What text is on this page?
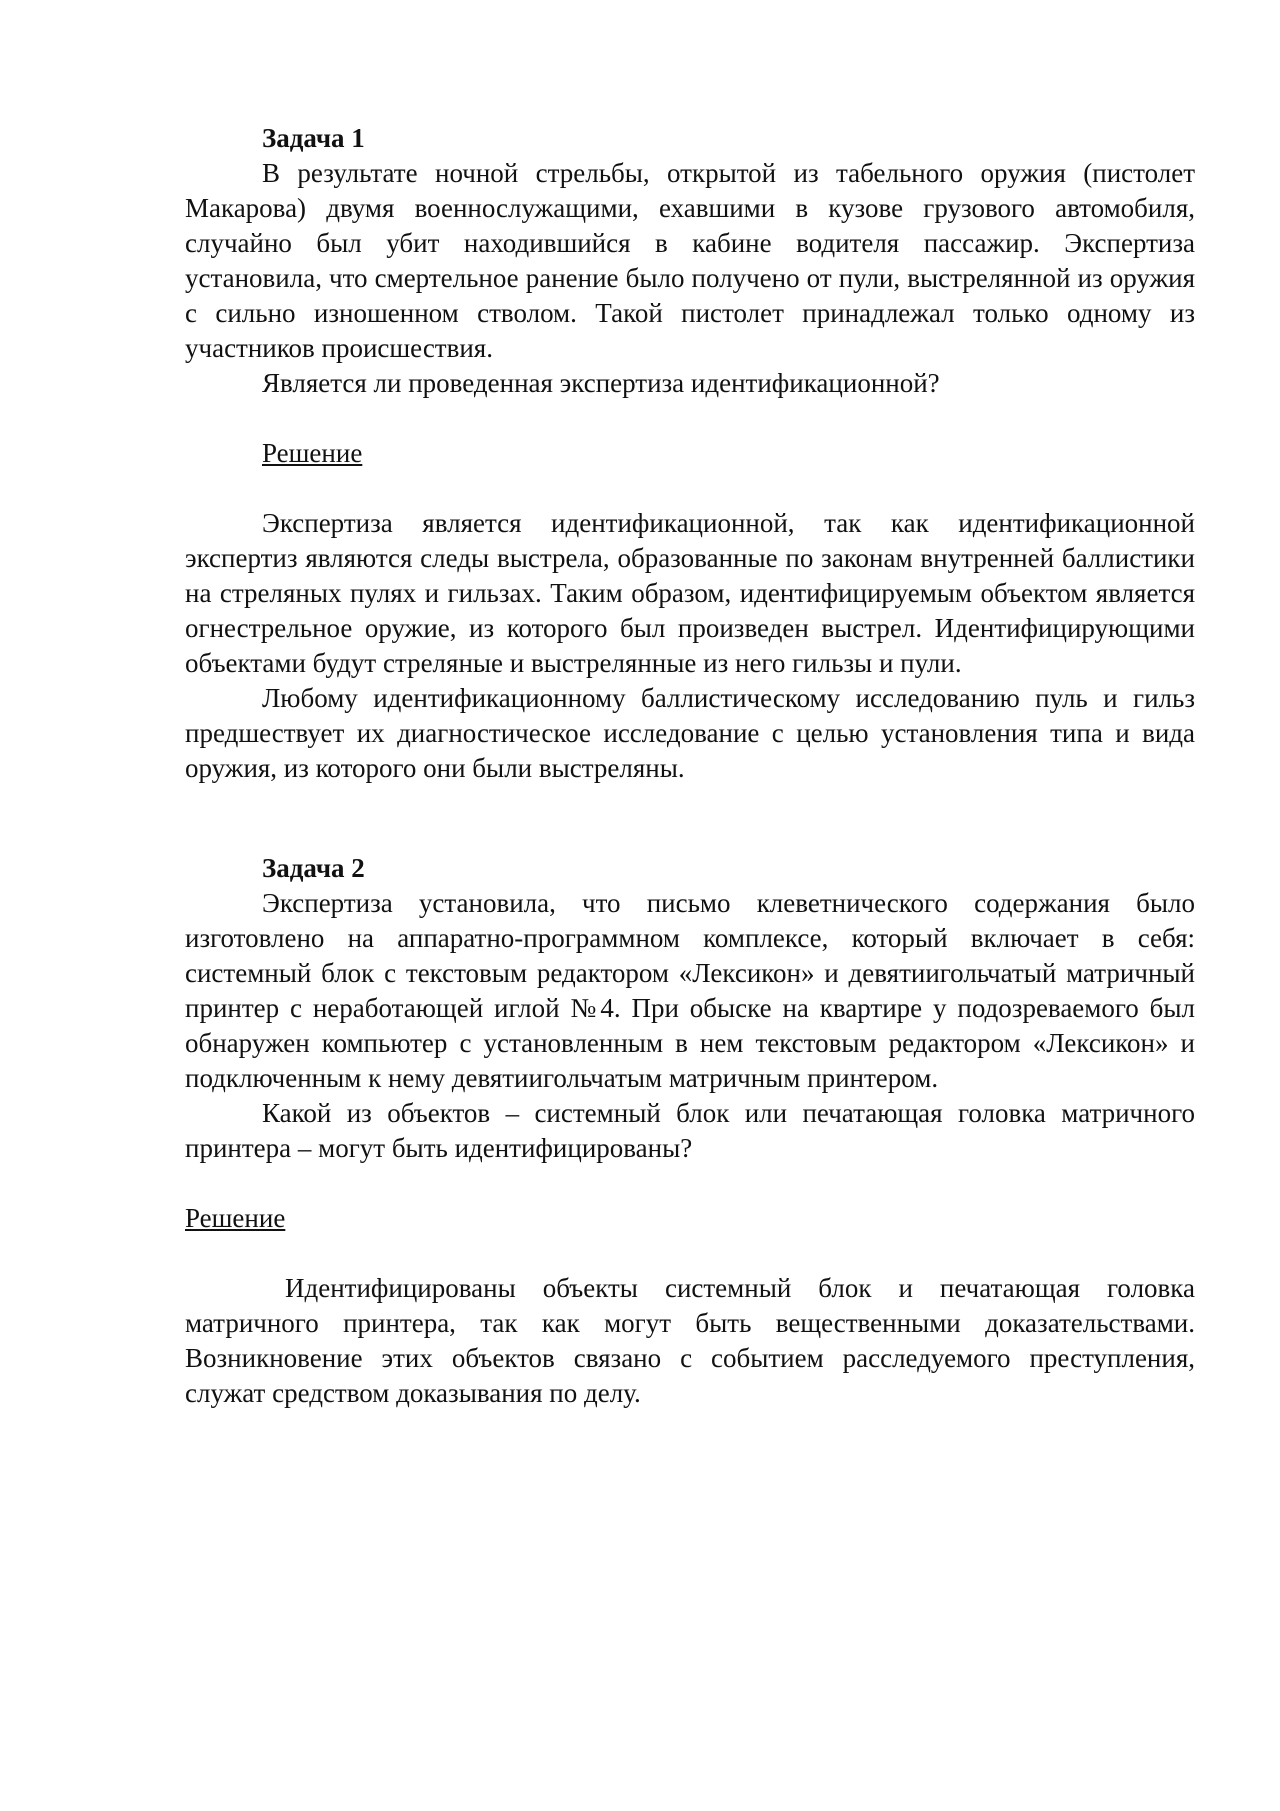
Задача 1

В результате ночной стрельбы, открытой из табельного оружия (пистолет Макарова) двумя военнослужащими, ехавшими в кузове грузового автомобиля, случайно был убит находившийся в кабине водителя пассажир. Экспертиза установила, что смертельное ранение было получено от пули, выстрелянной из оружия с сильно изношенном стволом. Такой пистолет принадлежал только одному из участников происшествия.

Является ли проведенная экспертиза идентификационной?

Решение

Экспертиза является идентификационной, так как идентификационной экспертиз являются следы выстрела, образованные по законам внутренней баллистики на стреляных пулях и гильзах. Таким образом, идентифицируемым объектом является огнестрельное оружие, из которого был произведен выстрел. Идентифицирующими объектами будут стреляные и выстрелянные из него гильзы и пули.

Любому идентификационному баллистическому исследованию пуль и гильз предшествует их диагностическое исследование с целью установления типа и вида оружия, из которого они были выстреляны.

Задача 2

Экспертиза установила, что письмо клеветнического содержания было изготовлено на аппаратно-программном комплексе, который включает в себя: системный блок с текстовым редактором «Лексикон» и девятиигольчатый матричный принтер с неработающей иглой №4. При обыске на квартире у подозреваемого был обнаружен компьютер с установленным в нем текстовым редактором «Лексикон» и подключенным к нему девятиигольчатым матричным принтером.

Какой из объектов – системный блок или печатающая головка матричного принтера – могут быть идентифицированы?

Решение

Идентифицированы объекты системный блок и печатающая головка матричного принтера, так как могут быть вещественными доказательствами. Возникновение этих объектов связано с событием расследуемого преступления, служат средством доказывания по делу.
